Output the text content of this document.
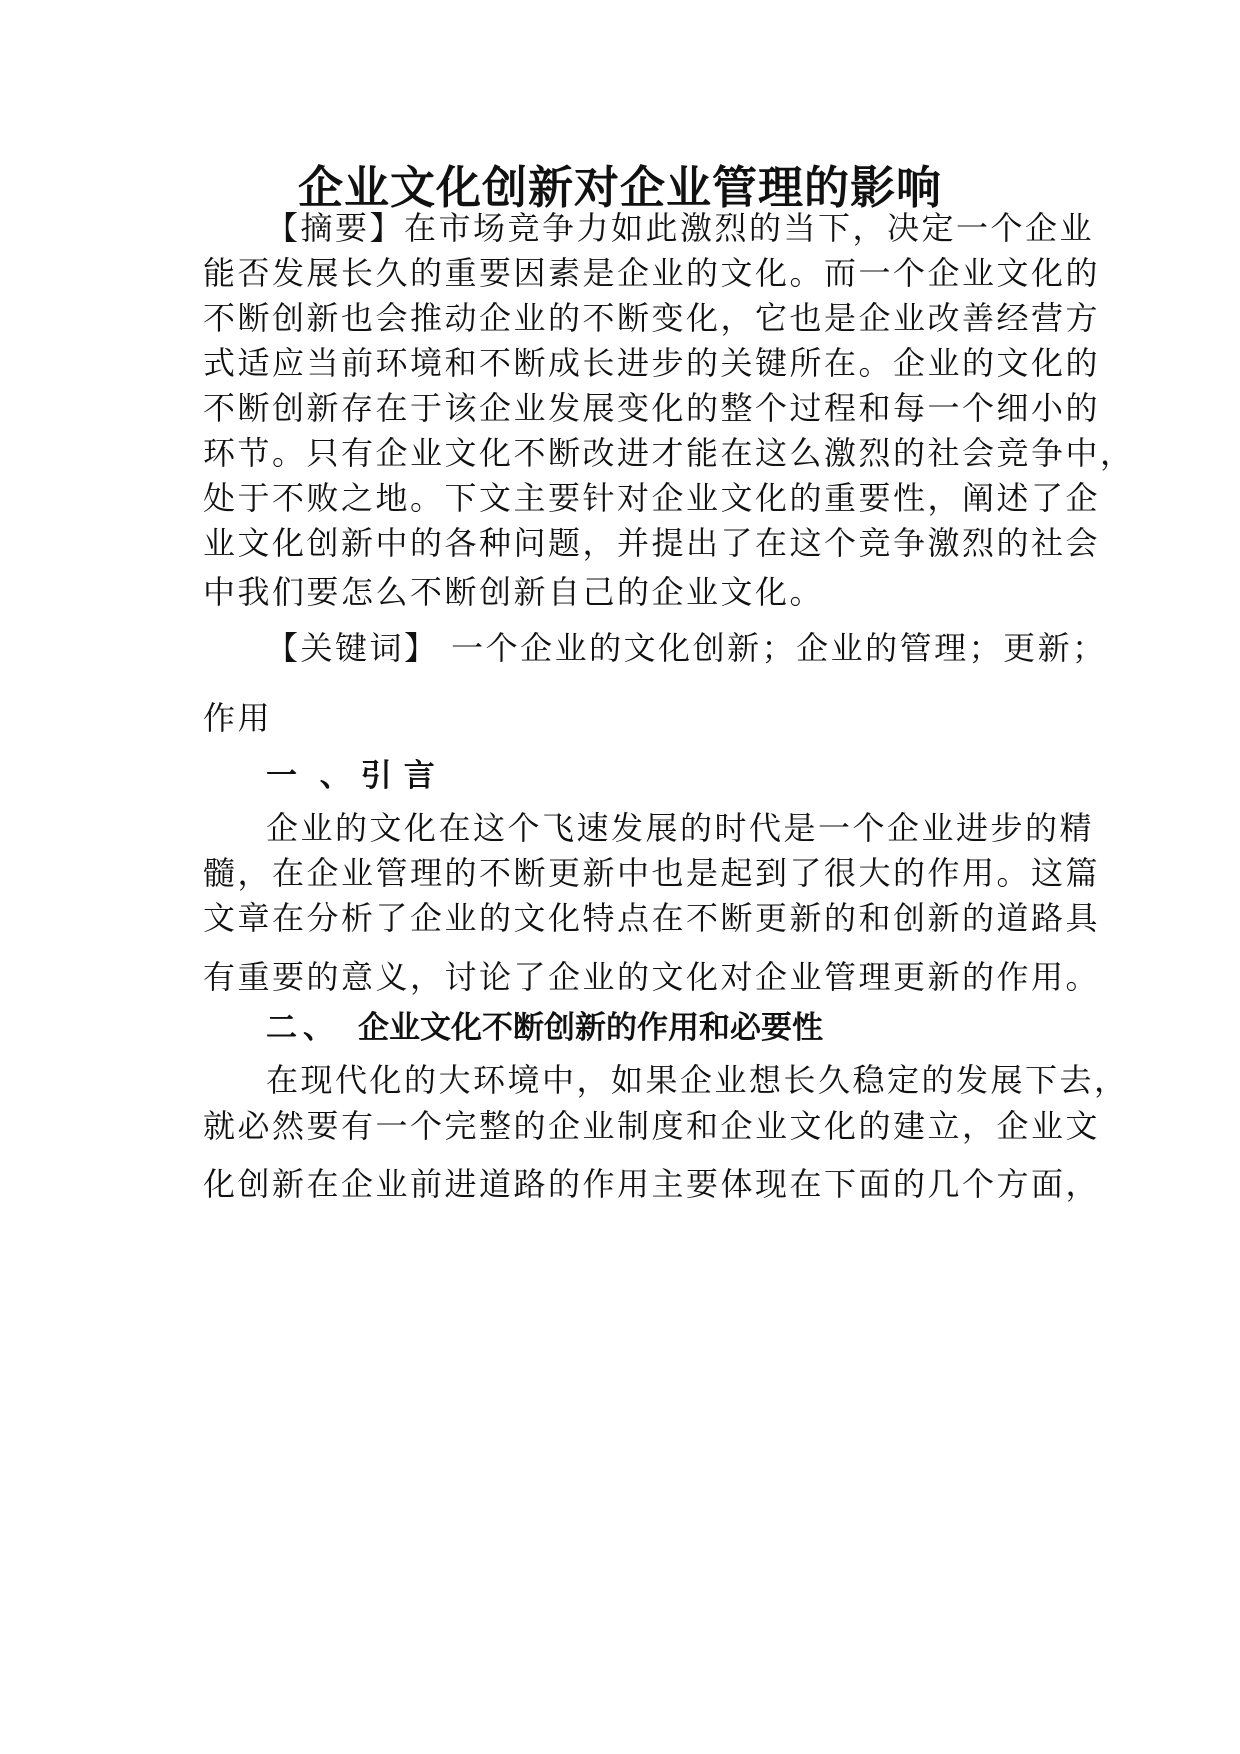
企业文化创新对企业管理的影响

【摘要】在市场竞争力如此激烈的当下，决定一个企业

能否发展长久的重要因素是企业的文化。而一个企业文化的

不断创新也会推动企业的不断变化，它也是企业改善经营方

式适应当前环境和不断成长进步的关键所在。企业的文化的

不断创新存在于该企业发展变化的整个过程和每一个细小的

环节。只有企业文化不断改进才能在这么激烈的社会竞争中，

处于不败之地。下文主要针对企业文化的重要性，阐述了企

业文化创新中的各种问题，并提出了在这个竞争激烈的社会

中我们要怎么不断创新自己的企业文化。

【关键词】 一个企业的文化创新；企业的管理；更新；

作用

一 、 引言

企业的文化在这个飞速发展的时代是一个企业进步的精

髓，在企业管理的不断更新中也是起到了很大的作用。这篇

文章在分析了企业的文化特点在不断更新的和创新的道路具

有重要的意义，讨论了企业的文化对企业管理更新的作用。

二、 企业文化不断创新的作用和必要性

在现代化的大环境中，如果企业想长久稳定的发展下去，

就必然要有一个完整的企业制度和企业文化的建立，企业文

化创新在企业前进道路的作用主要体现在下面的几个方面，
